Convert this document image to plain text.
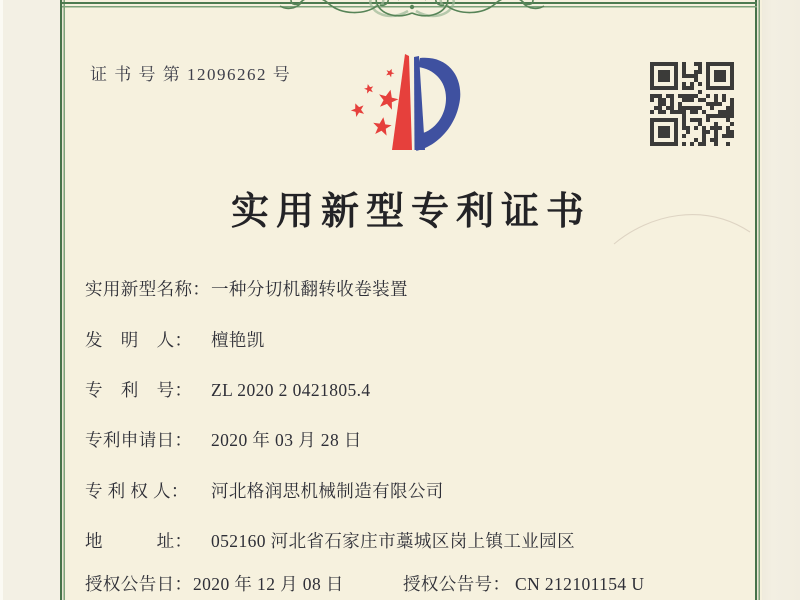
证 书 号 第 12096262 号
实用新型专利证书
实用新型名称：一种分切机翻转收卷装置
发　明　人： 檀艳凯
专　利　号： ZL 2020 2 0421805.4
专利申请日： 2020 年 03 月 28 日
专 利 权 人： 河北格润思机械制造有限公司
地　　　址： 052160 河北省石家庄市藁城区岗上镇工业园区
授权公告日：2020 年 12 月 08 日	授权公告号： CN 212101154 U
